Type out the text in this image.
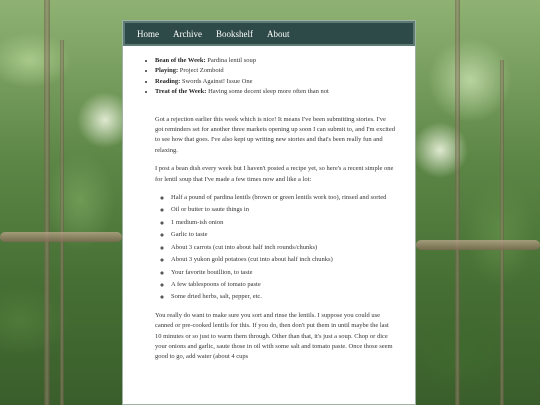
Home Archive Bookshelf About
• Bean of the Week: Pardina lentil soup
• Playing: Project Zomboid
• Reading: Swords Against! Issue One
• Treat of the Week: Having some decent sleep more often than not

Got a rejection earlier this week which is nice! It means I've been submitting stories. I've got reminders set for another three markets opening up soon I can submit to, and I'm excited to see how that goes. I've also kept up writing new stories and that's been really fun and relaxing.

I post a bean dish every week but I haven't posted a recipe yet, so here's a recent simple one for lentil soup that I've made a few times now and like a lot:

◦ Half a pound of pardina lentils (brown or green lentils work too), rinsed and sorted
◦ Oil or butter to saute things in
◦ 1 medium-ish onion
◦ Garlic to taste
◦ About 3 carrots (cut into about half inch rounds/chunks)
◦ About 3 yukon gold potatoes (cut into about half inch chunks)
◦ Your favorite bouillion, to taste
◦ A few tablespoons of tomato paste
◦ Some dried herbs, salt, pepper, etc.

You really do want to make sure you sort and rinse the lentils. I suppose you could use canned or pre-cooked lentils for this. If you do, then don't put them in until maybe the last 10 minutes or so just to warm them through. Other than that, it's just a soup. Chop or dice your onions and garlic, saute those in oil with some salt and tomato paste. Once those seem good to go, add water (about 4 cups
